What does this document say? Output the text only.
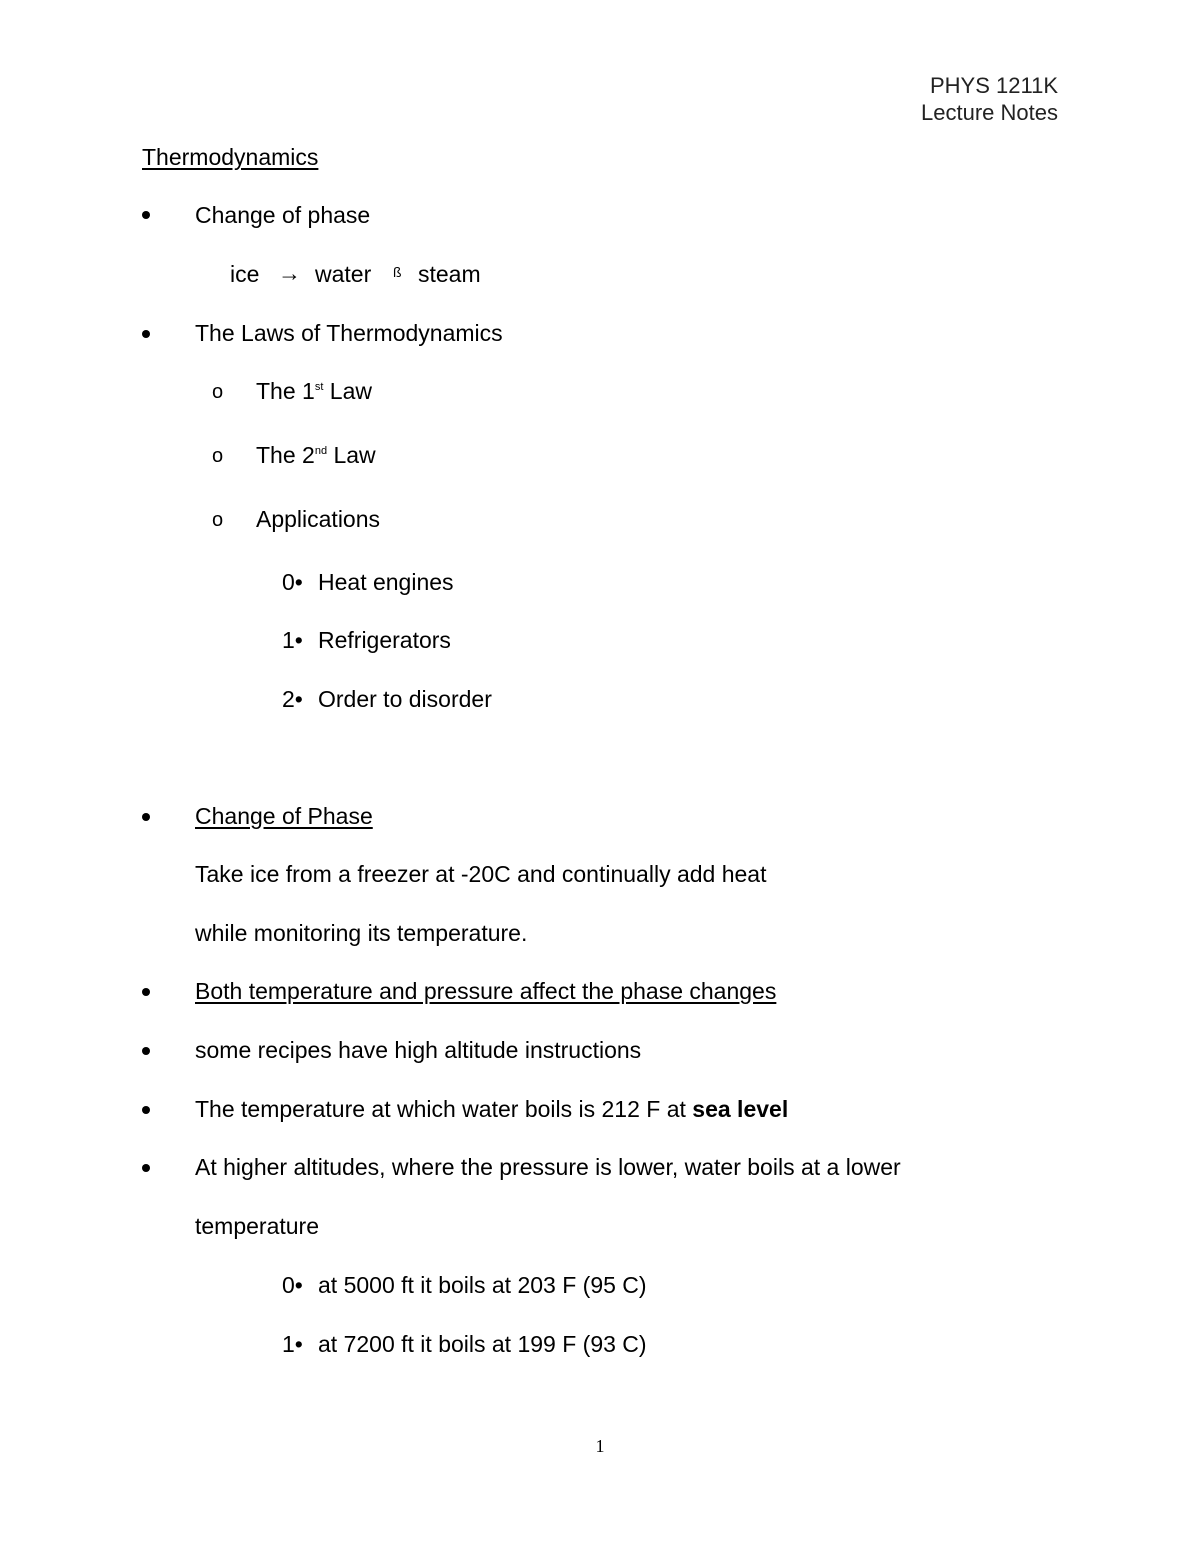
PHYS 1211K
Lecture Notes
Thermodynamics
Change of phase
ice → water ß steam
The Laws of Thermodynamics
o The 1st Law
o The 2nd Law
o Applications
0• Heat engines
1• Refrigerators
2• Order to disorder
Change of Phase
Take ice from a freezer at -20C and continually add heat
while monitoring its temperature.
Both temperature and pressure affect the phase changes
some recipes have high altitude instructions
The temperature at which water boils is 212 F at sea level
At higher altitudes, where the pressure is lower, water boils at a lower
temperature
0• at 5000 ft it boils at 203 F (95 C)
1• at 7200 ft it boils at 199 F (93 C)
1
